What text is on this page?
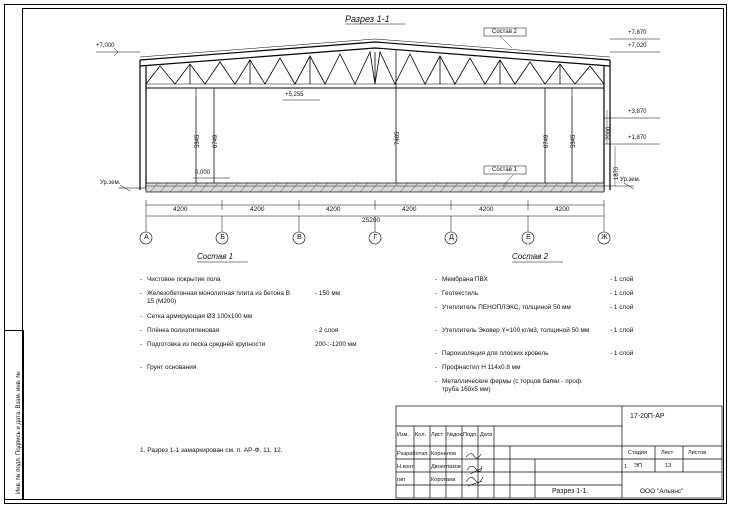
Разрез 1-1
Состав 2
Состав 1
+7,000
+7,870
+7,020
+3,870
+1,870
+5,255
0,000
Ур.зем.	Ур.зем.
5345 6749	7465	6749	5345
2000
1870
4200	4200	4200	4200	4200	4200
25200
А	Б	В	Г	Д	Е	Ж
Состав 1
- Чистовое покрытие пола
- Железобетонная монолитная плита из бетона В 15 (М200)
- 150 мм
- Сетка армирующая Ø3 100х100 мм
- Плёнка полиэтиленовая	- 2 слоя
- Подготовка из песка средней крупности	200-:-1200 мм
- Грунт основания
Состав 2
- Мембрана ПВХ	- 1 слой
- Геотекстиль	- 1 слой
- Утеплитель ПЕНОПЛЭКС, толщиной 50 мм	- 1 слой
- Утеплитель Эковер Y=100 кг/м3, толщиной 50 мм	- 1 слой
- Пароизоляция для плоских кровель	- 1 слой
- Профнастил Н 114х0.8 мм
- Металлические фермы (с торцов балки - проф. труба 160х5 мм)
1. Разрез 1-1 замаркирован см. п. АР-Ф, 11, 12.
Инв. № подл. Подпись и дата. Взам. инв. №	17-20П-АР
Изм. Кол. Лист №док Подп. Дата
Разработал Корнилов
Н.конт.	Двоеглазов
гип	Коротаев
Разрез 1-1.
Стадия Лист	Листов
ЭП	13
ООО "Альянс"
1
